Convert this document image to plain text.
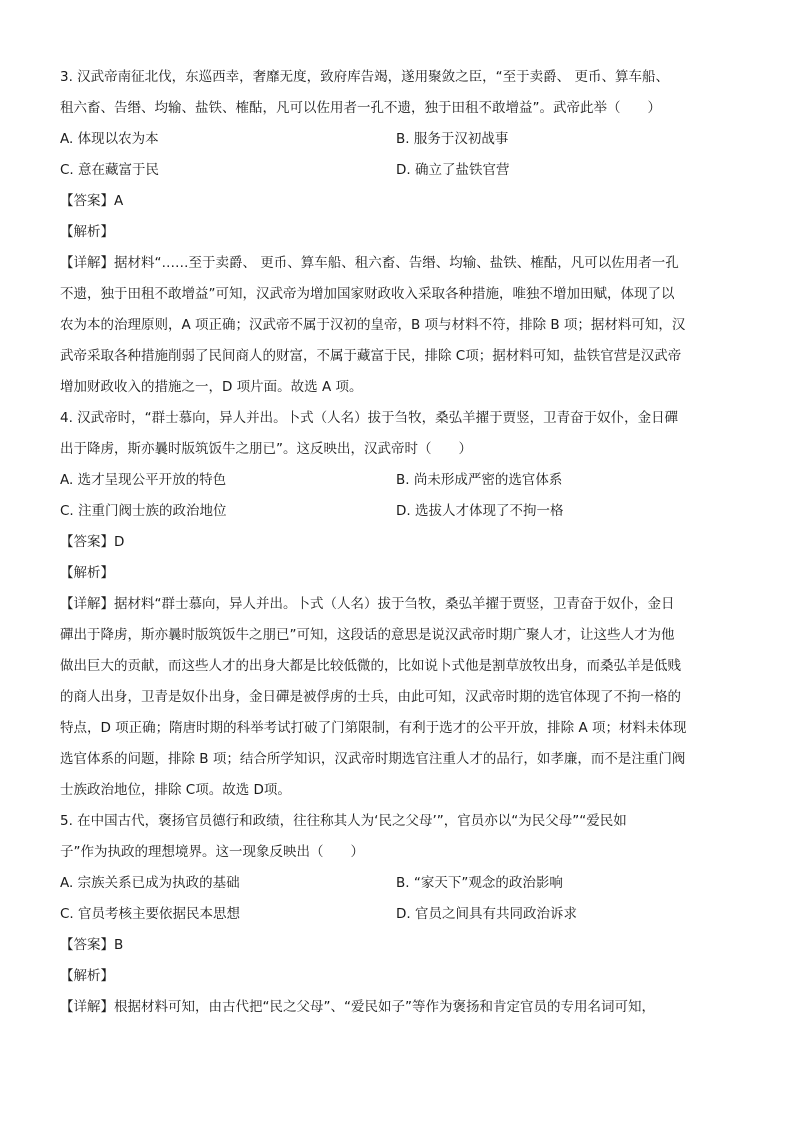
3. 汉武帝南征北伐，东巡西幸，奢靡无度，致府库告竭，遂用聚敛之臣，“至于卖爵、 更币、算车船、
租六畜、告缗、均输、盐铁、榷酤，凡可以佐用者一孔不遗，独于田租不敢增益”。武帝此举（　　）
A. 体现以农为本	B. 服务于汉初战事
C. 意在藏富于民	D. 确立了盐铁官营
【答案】A
【解析】
【详解】据材料“……至于卖爵、 更币、算车船、租六畜、告缗、均输、盐铁、榷酤，凡可以佐用者一孔
不遗，独于田租不敢增益”可知，汉武帝为增加国家财政收入采取各种措施，唯独不增加田赋，体现了以
农为本的治理原则，A 项正确；汉武帝不属于汉初的皇帝，B 项与材料不符，排除 B 项；据材料可知，汉
武帝采取各种措施削弱了民间商人的财富，不属于藏富于民，排除 C项；据材料可知，盐铁官营是汉武帝
增加财政收入的措施之一，D 项片面。故选 A 项。
4. 汉武帝时，“群士慕向，异人并出。卜式（人名）拔于刍牧，桑弘羊擢于贾竖，卫青奋于奴仆，金日磾
出于降虏，斯亦曩时版筑饭牛之朋已”。这反映出，汉武帝时（　　）
A. 选才呈现公平开放的特色	B. 尚未形成严密的选官体系
C. 注重门阀士族的政治地位	D. 选拔人才体现了不拘一格
【答案】D
【解析】
【详解】据材料“群士慕向，异人并出。卜式（人名）拔于刍牧，桑弘羊擢于贾竖，卫青奋于奴仆，金日
磾出于降虏，斯亦曩时版筑饭牛之朋已”可知，这段话的意思是说汉武帝时期广聚人才，让这些人才为他
做出巨大的贡献，而这些人才的出身大都是比较低微的，比如说卜式他是割草放牧出身，而桑弘羊是低贱
的商人出身，卫青是奴仆出身，金日磾是被俘虏的士兵，由此可知，汉武帝时期的选官体现了不拘一格的
特点，D 项正确；隋唐时期的科举考试打破了门第限制，有利于选才的公平开放，排除 A 项；材料未体现
选官体系的问题，排除 B 项；结合所学知识，汉武帝时期选官注重人才的品行，如孝廉，而不是注重门阀
士族政治地位，排除 C项。故选 D项。
5. 在中国古代，褒扬官员德行和政绩，往往称其人为‘民之父母’”，官员亦以“为民父母”“爱民如
子”作为执政的理想境界。这一现象反映出（　　）
A. 宗族关系已成为执政的基础	B. “家天下”观念的政治影响
C. 官员考核主要依据民本思想	D. 官员之间具有共同政治诉求
【答案】B
【解析】
【详解】根据材料可知，由古代把“民之父母”、“爱民如子”等作为褒扬和肯定官员的专用名词可知，
